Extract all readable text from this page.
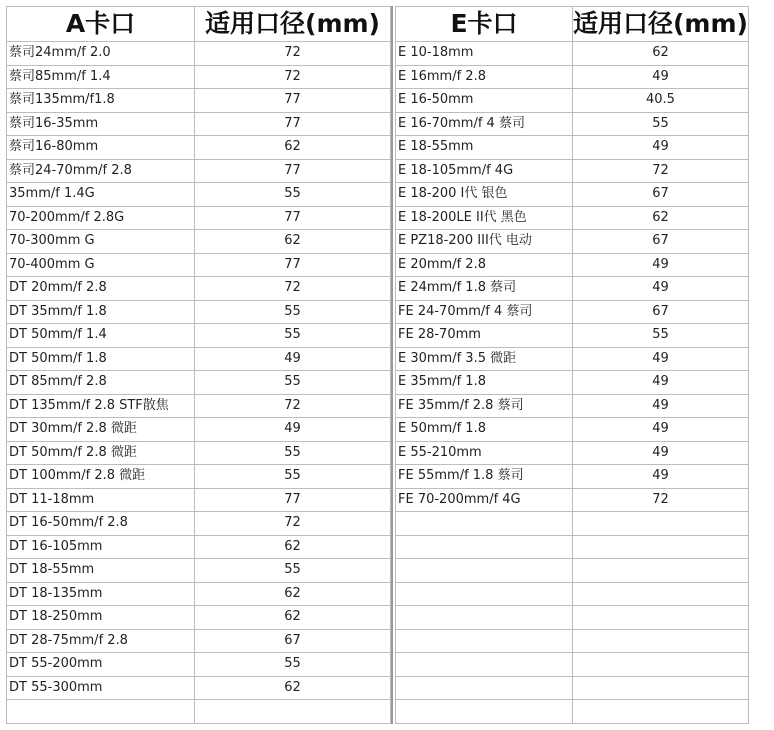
A卡口	适用口径(mm)
蔡司24mm/f 2.0	72
蔡司85mm/f 1.4	72
蔡司135mm/f1.8	77
蔡司16-35mm	77
蔡司16-80mm	62
蔡司24-70mm/f 2.8	77
35mm/f 1.4G	55
70-200mm/f 2.8G	77
70-300mm G	62
70-400mm G	77
DT 20mm/f 2.8	72
DT 35mm/f 1.8	55
DT 50mm/f 1.4	55
DT 50mm/f 1.8	49
DT 85mm/f 2.8	55
DT 135mm/f 2.8 STF散焦	72
DT 30mm/f 2.8 微距	49
DT 50mm/f 2.8 微距	55
DT 100mm/f 2.8 微距	55
DT 11-18mm	77
DT 16-50mm/f 2.8	72
DT 16-105mm	62
DT 18-55mm	55
DT 18-135mm	62
DT 18-250mm	62
DT 28-75mm/f 2.8	67
DT 55-200mm	55
DT 55-300mm	62

E卡口	适用口径(mm)
E 10-18mm	62
E 16mm/f 2.8	49
E 16-50mm	40.5
E 16-70mm/f 4 蔡司	55
E 18-55mm	49
E 18-105mm/f 4G	72
E 18-200 I代 银色	67
E 18-200LE II代 黑色	62
E PZ18-200 III代 电动	67
E 20mm/f 2.8	49
E 24mm/f 1.8 蔡司	49
FE 24-70mm/f 4 蔡司	67
FE 28-70mm	55
E 30mm/f 3.5 微距	49
E 35mm/f 1.8	49
FE 35mm/f 2.8 蔡司	49
E 50mm/f 1.8	49
E 55-210mm	49
FE 55mm/f 1.8 蔡司	49
FE 70-200mm/f 4G	72
